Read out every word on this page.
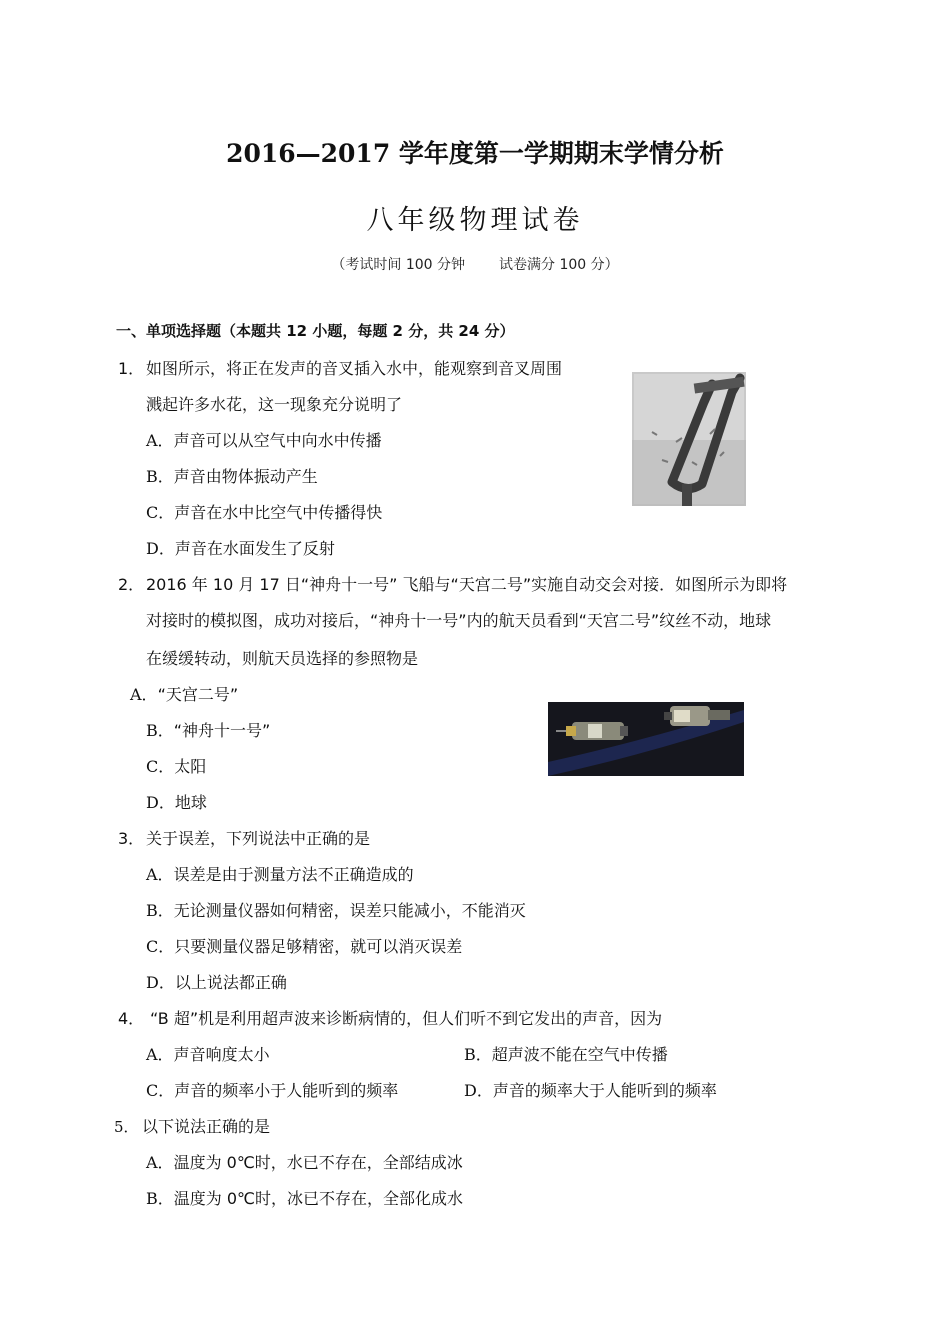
2016—2017 学年度第一学期期末学情分析
八年级物理试卷
（考试时间 100 分钟 试卷满分 100 分）
一、单项选择题（本题共 12 小题，每题 2 分，共 24 分）
1． 如图所示，将正在发声的音叉插入水中，能观察到音叉周围
溅起许多水花，这一现象充分说明了
A．声音可以从空气中向水中传播
B．声音由物体振动产生
C．声音在水中比空气中传播得快
D．声音在水面发生了反射
2． 2016 年 10 月 17 日“神舟十一号” 飞船与“天宫二号”实施自动交会对接．如图所示为即将
对接时的模拟图，成功对接后，“神舟十一号”内的航天员看到“天宫二号”纹丝不动，地球
在缓缓转动，则航天员选择的参照物是
A．“天宫二号”
B．“神舟十一号”
C．太阳
D．地球
3． 关于误差，下列说法中正确的是
A．误差是由于测量方法不正确造成的
B．无论测量仪器如何精密，误差只能减小，不能消灭
C．只要测量仪器足够精密，就可以消灭误差
D．以上说法都正确
4． “B 超”机是利用超声波来诊断病情的，但人们听不到它发出的声音，因为
A．声音响度太小	B．超声波不能在空气中传播
C．声音的频率小于人能听到的频率	D．声音的频率大于人能听到的频率
5． 以下说法正确的是
A．温度为 0℃时，水已不存在，全部结成冰
B．温度为 0℃时，冰已不存在，全部化成水
